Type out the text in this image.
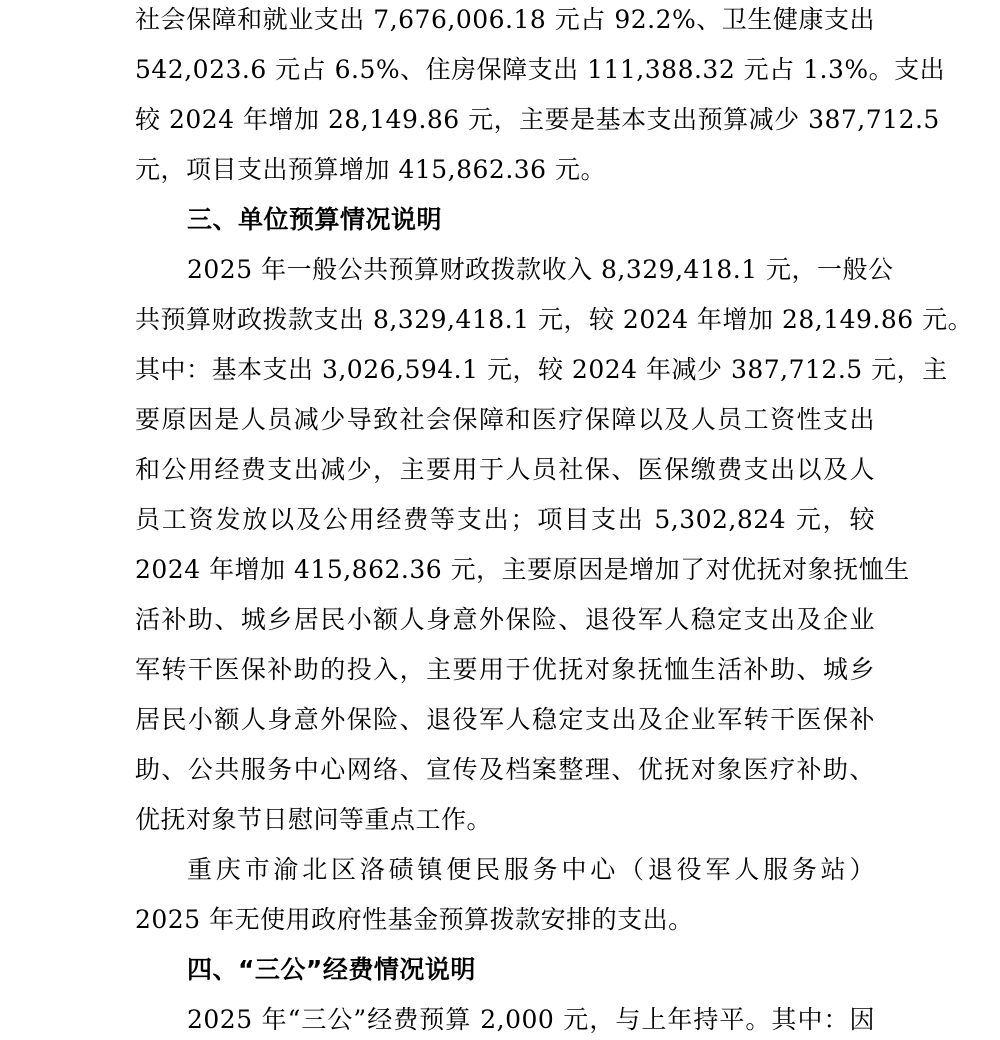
社会保障和就业支出 7,676,006.18 元占 92.2%、卫生健康支出
542,023.6 元占 6.5%、住房保障支出 111,388.32 元占 1.3%。支出
较 2024 年增加 28,149.86 元，主要是基本支出预算减少 387,712.5
元，项目支出预算增加 415,862.36 元。
三、单位预算情况说明
2025 年一般公共预算财政拨款收入 8,329,418.1 元，一般公
共预算财政拨款支出 8,329,418.1 元，较 2024 年增加 28,149.86 元。
其中：基本支出 3,026,594.1 元，较 2024 年减少 387,712.5 元，主
要原因是人员减少导致社会保障和医疗保障以及人员工资性支出
和公用经费支出减少，主要用于人员社保、医保缴费支出以及人
员工资发放以及公用经费等支出；项目支出 5,302,824 元，较
2024 年增加 415,862.36 元，主要原因是增加了对优抚对象抚恤生
活补助、城乡居民小额人身意外保险、退役军人稳定支出及企业
军转干医保补助的投入，主要用于优抚对象抚恤生活补助、城乡
居民小额人身意外保险、退役军人稳定支出及企业军转干医保补
助、公共服务中心网络、宣传及档案整理、优抚对象医疗补助、
优抚对象节日慰问等重点工作。
重庆市渝北区洛碛镇便民服务中心（退役军人服务站）
2025 年无使用政府性基金预算拨款安排的支出。
四、“三公”经费情况说明
2025 年“三公”经费预算 2,000 元，与上年持平。其中：因
